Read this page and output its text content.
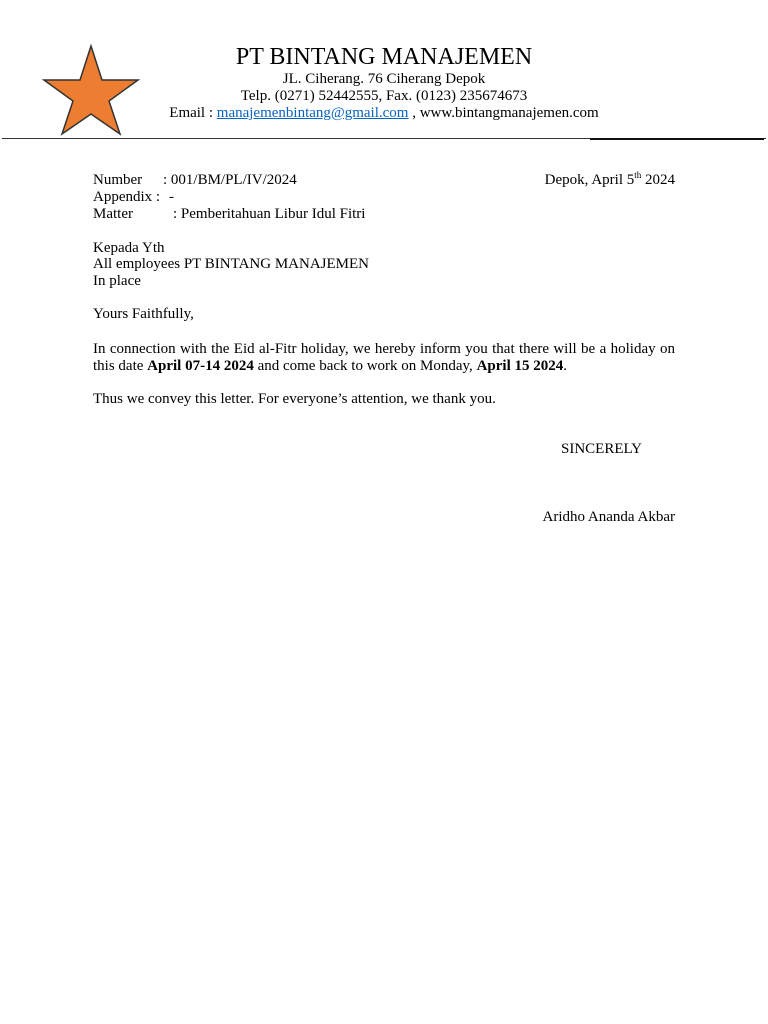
PT BINTANG MANAJEMEN
JL. Ciherang. 76 Ciherang Depok
Telp. (0271) 52442555, Fax. (0123) 235674673
Email : manajemenbintang@gmail.com , www.bintangmanajemen.com
Number : 001/BM/PL/IV/2024
Appendix : -
Matter	: Pemberitahuan Libur Idul Fitri
Depok, April 5th 2024
Kepada Yth
All employees PT BINTANG MANAJEMEN
In place
Yours Faithfully,
In connection with the Eid al-Fitr holiday, we hereby inform you that there will be a holiday on this date April 07-14 2024 and come back to work on Monday, April 15 2024.
Thus we convey this letter. For everyone’s attention, we thank you.
SINCERELY
Aridho Ananda Akbar
